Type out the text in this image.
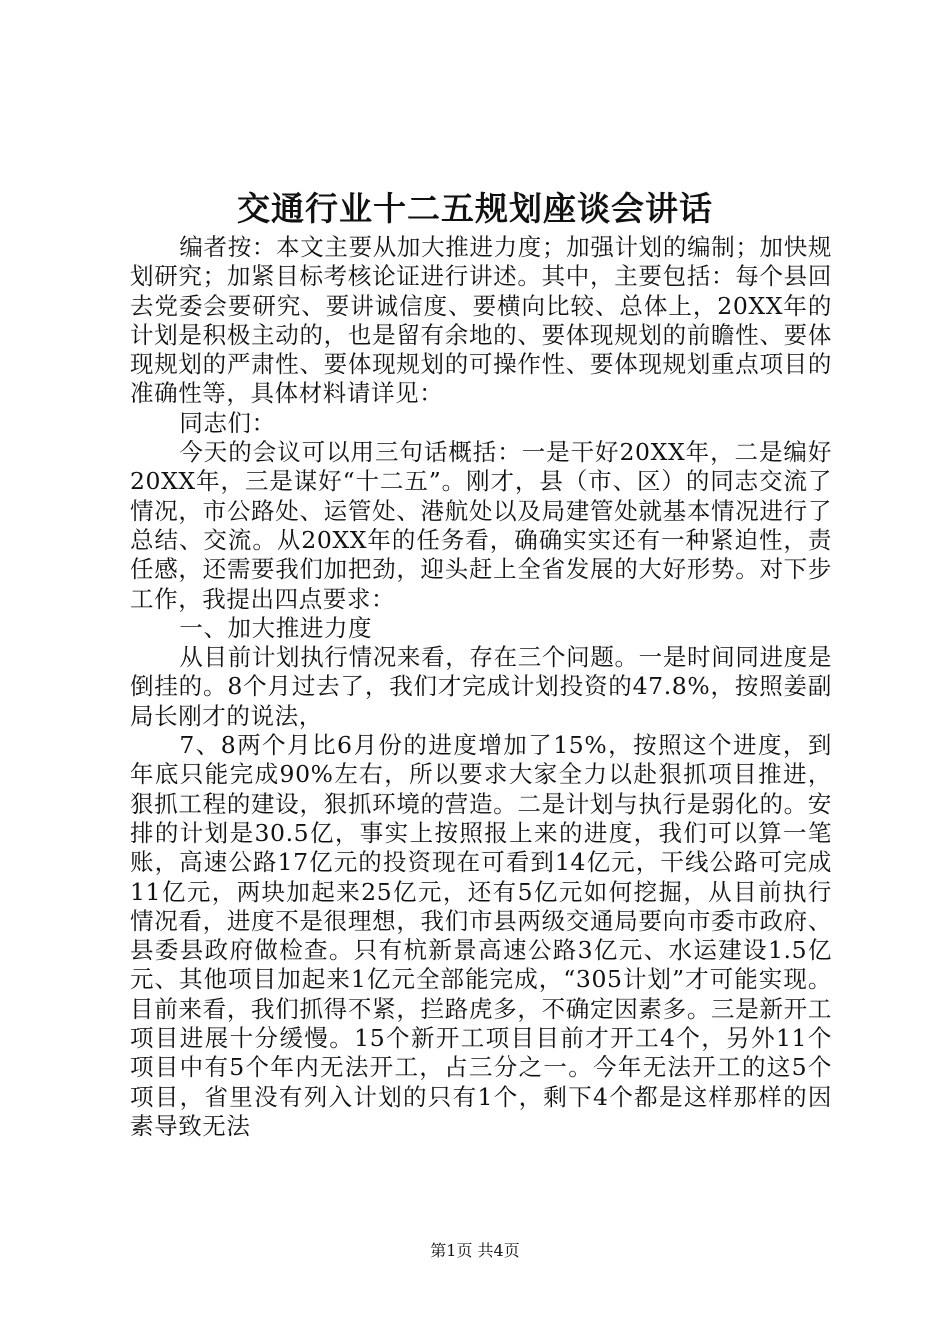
交通行业十二五规划座谈会讲话

编者按：本文主要从加大推进力度；加强计划的编制；加快规划研究；加紧目标考核论证进行讲述。其中，主要包括：每个县回去党委会要研究、要讲诚信度、要横向比较、总体上，20XX年的计划是积极主动的，也是留有余地的、要体现规划的前瞻性、要体现规划的严肃性、要体现规划的可操作性、要体现规划重点项目的准确性等，具体材料请详见：

同志们：

今天的会议可以用三句话概括：一是干好20XX年，二是编好20XX年，三是谋好“十二五”。刚才，县（市、区）的同志交流了情况，市公路处、运管处、港航处以及局建管处就基本情况进行了总结、交流。从20XX年的任务看，确确实实还有一种紧迫性，责任感，还需要我们加把劲，迎头赶上全省发展的大好形势。对下步工作，我提出四点要求：

一、加大推进力度

从目前计划执行情况来看，存在三个问题。一是时间同进度是倒挂的。8个月过去了，我们才完成计划投资的47.8%，按照姜副局长刚才的说法，

7、8两个月比6月份的进度增加了15%，按照这个进度，到年底只能完成90%左右，所以要求大家全力以赴狠抓项目推进，狠抓工程的建设，狠抓环境的营造。二是计划与执行是弱化的。安排的计划是30.5亿，事实上按照报上来的进度，我们可以算一笔账，高速公路17亿元的投资现在可看到14亿元，干线公路可完成11亿元，两块加起来25亿元，还有5亿元如何挖掘，从目前执行情况看，进度不是很理想，我们市县两级交通局要向市委市政府、县委县政府做检查。只有杭新景高速公路3亿元、水运建设1.5亿元、其他项目加起来1亿元全部能完成，“305计划”才可能实现。目前来看，我们抓得不紧，拦路虎多，不确定因素多。三是新开工项目进展十分缓慢。15个新开工项目目前才开工4个，另外11个项目中有5个年内无法开工，占三分之一。今年无法开工的这5个项目，省里没有列入计划的只有1个，剩下4个都是这样那样的因素导致无法

第1页 共4页
